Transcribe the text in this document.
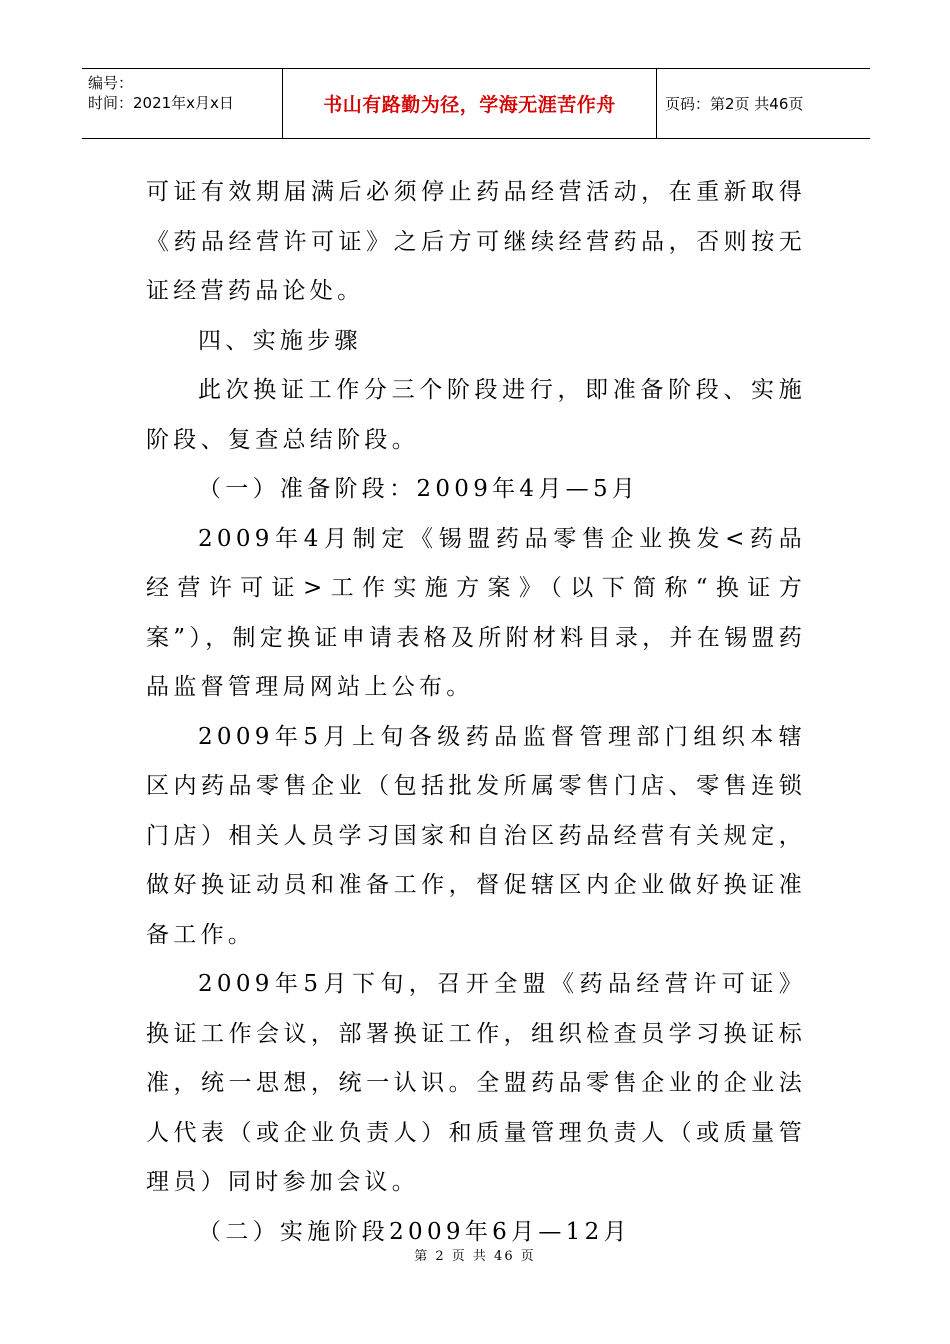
编号：
时间：2021年x月x日	书山有路勤为径，学海无涯苦作舟	页码：第2页 共46页

可证有效期届满后必须停止药品经营活动，在重新取得《药品经营许可证》之后方可继续经营药品，否则按无证经营药品论处。

四、实施步骤

此次换证工作分三个阶段进行，即准备阶段、实施阶段、复查总结阶段。

（一）准备阶段：2009年4月—5月

2009年4月制定《锡盟药品零售企业换发<药品经营许可证>工作实施方案》（以下简称“换证方案”），制定换证申请表格及所附材料目录，并在锡盟药品监督管理局网站上公布。

2009年5月上旬各级药品监督管理部门组织本辖区内药品零售企业（包括批发所属零售门店、零售连锁门店）相关人员学习国家和自治区药品经营有关规定，做好换证动员和准备工作，督促辖区内企业做好换证准备工作。

2009年5月下旬，召开全盟《药品经营许可证》换证工作会议，部署换证工作，组织检查员学习换证标准，统一思想，统一认识。全盟药品零售企业的企业法人代表（或企业负责人）和质量管理负责人（或质量管理员）同时参加会议。

（二）实施阶段2009年6月—12月

第 2 页 共 46 页
